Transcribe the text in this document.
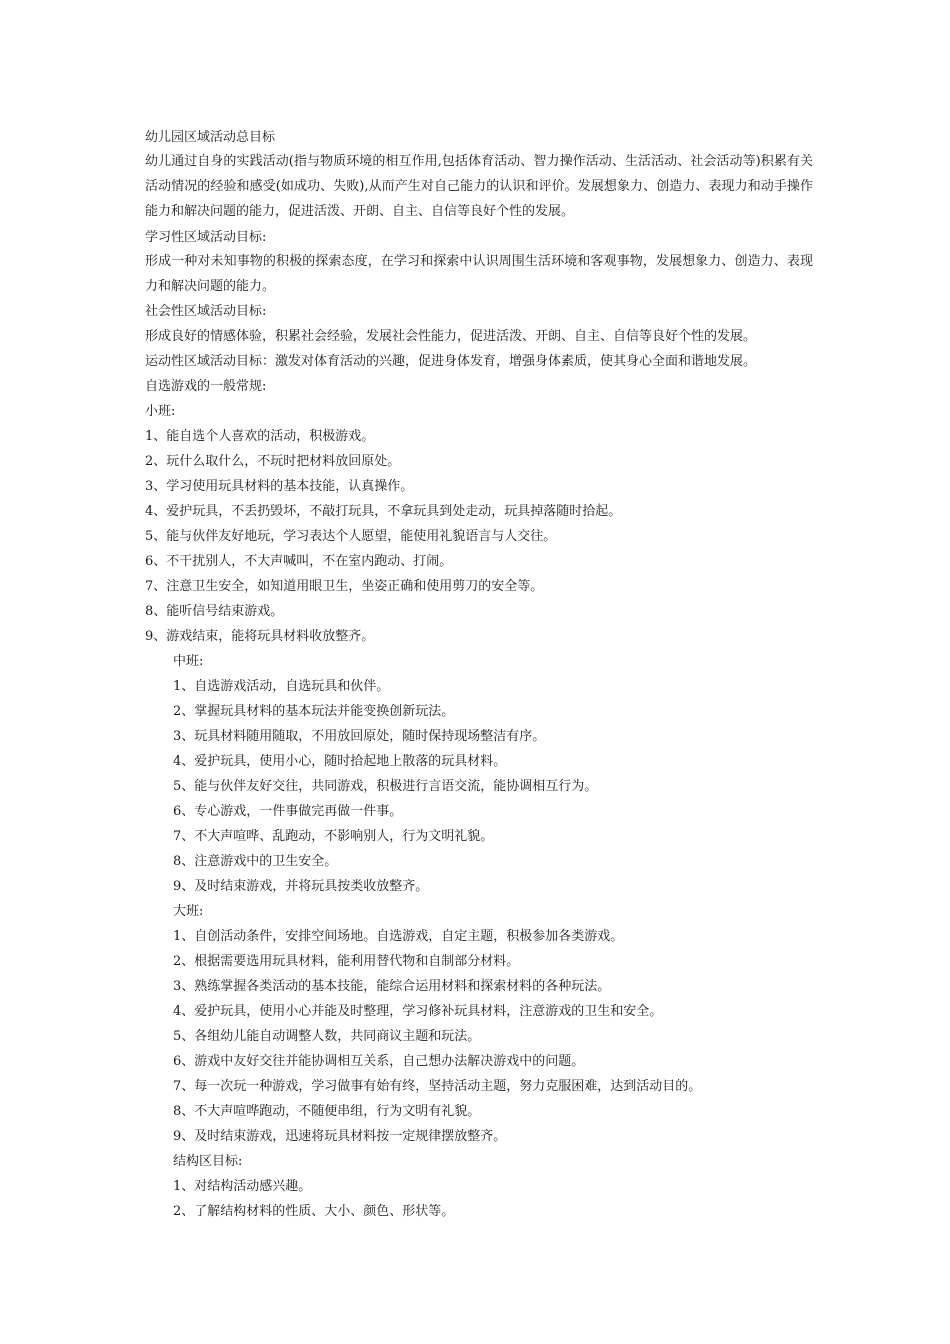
幼儿园区域活动总目标
幼儿通过自身的实践活动(指与物质环境的相互作用,包括体育活动、智力操作活动、生活活动、社会活动等)积累有关活动情况的经验和感受(如成功、失败),从而产生对自己能力的认识和评价。发展想象力、创造力、表现力和动手操作能力和解决问题的能力，促进活泼、开朗、自主、自信等良好个性的发展。
学习性区域活动目标:
形成一种对未知事物的积极的探索态度，在学习和探索中认识周围生活环境和客观事物，发展想象力、创造力、表现力和解决问题的能力。
社会性区域活动目标:
形成良好的情感体验，积累社会经验，发展社会性能力，促进活泼、开朗、自主、自信等良好个性的发展。
运动性区域活动目标：激发对体育活动的兴趣，促进身体发育，增强身体素质，使其身心全面和谐地发展。
自选游戏的一般常规:
小班:
1、能自选个人喜欢的活动，积极游戏。
2、玩什么取什么，不玩时把材料放回原处。
3、学习使用玩具材料的基本技能，认真操作。
4、爱护玩具，不丢扔毁坏，不敲打玩具，不拿玩具到处走动，玩具掉落随时拾起。
5、能与伙伴友好地玩，学习表达个人愿望，能使用礼貌语言与人交往。
6、不干扰别人，不大声喊叫，不在室内跑动、打闹。
7、注意卫生安全，如知道用眼卫生，坐姿正确和使用剪刀的安全等。
8、能听信号结束游戏。
9、游戏结束，能将玩具材料收放整齐。
中班:
1、自选游戏活动，自选玩具和伙伴。
2、掌握玩具材料的基本玩法并能变换创新玩法。
3、玩具材料随用随取，不用放回原处，随时保持现场整洁有序。
4、爱护玩具，使用小心，随时拾起地上散落的玩具材料。
5、能与伙伴友好交往，共同游戏，积极进行言语交流，能协调相互行为。
6、专心游戏，一件事做完再做一件事。
7、不大声喧哗、乱跑动，不影响别人，行为文明礼貌。
8、注意游戏中的卫生安全。
9、及时结束游戏，并将玩具按类收放整齐。
大班:
1、自创活动条件，安排空间场地。自选游戏，自定主题，积极参加各类游戏。
2、根据需要选用玩具材料，能利用替代物和自制部分材料。
3、熟练掌握各类活动的基本技能，能综合运用材料和探索材料的各种玩法。
4、爱护玩具，使用小心并能及时整理，学习修补玩具材料，注意游戏的卫生和安全。
5、各组幼儿能自动调整人数，共同商议主题和玩法。
6、游戏中友好交往并能协调相互关系，自己想办法解决游戏中的问题。
7、每一次玩一种游戏，学习做事有始有终，坚持活动主题，努力克服困难，达到活动目的。
8、不大声喧哗跑动，不随便串组，行为文明有礼貌。
9、及时结束游戏，迅速将玩具材料按一定规律摆放整齐。
结构区目标:
1、对结构活动感兴趣。
2、了解结构材料的性质、大小、颜色、形状等。
